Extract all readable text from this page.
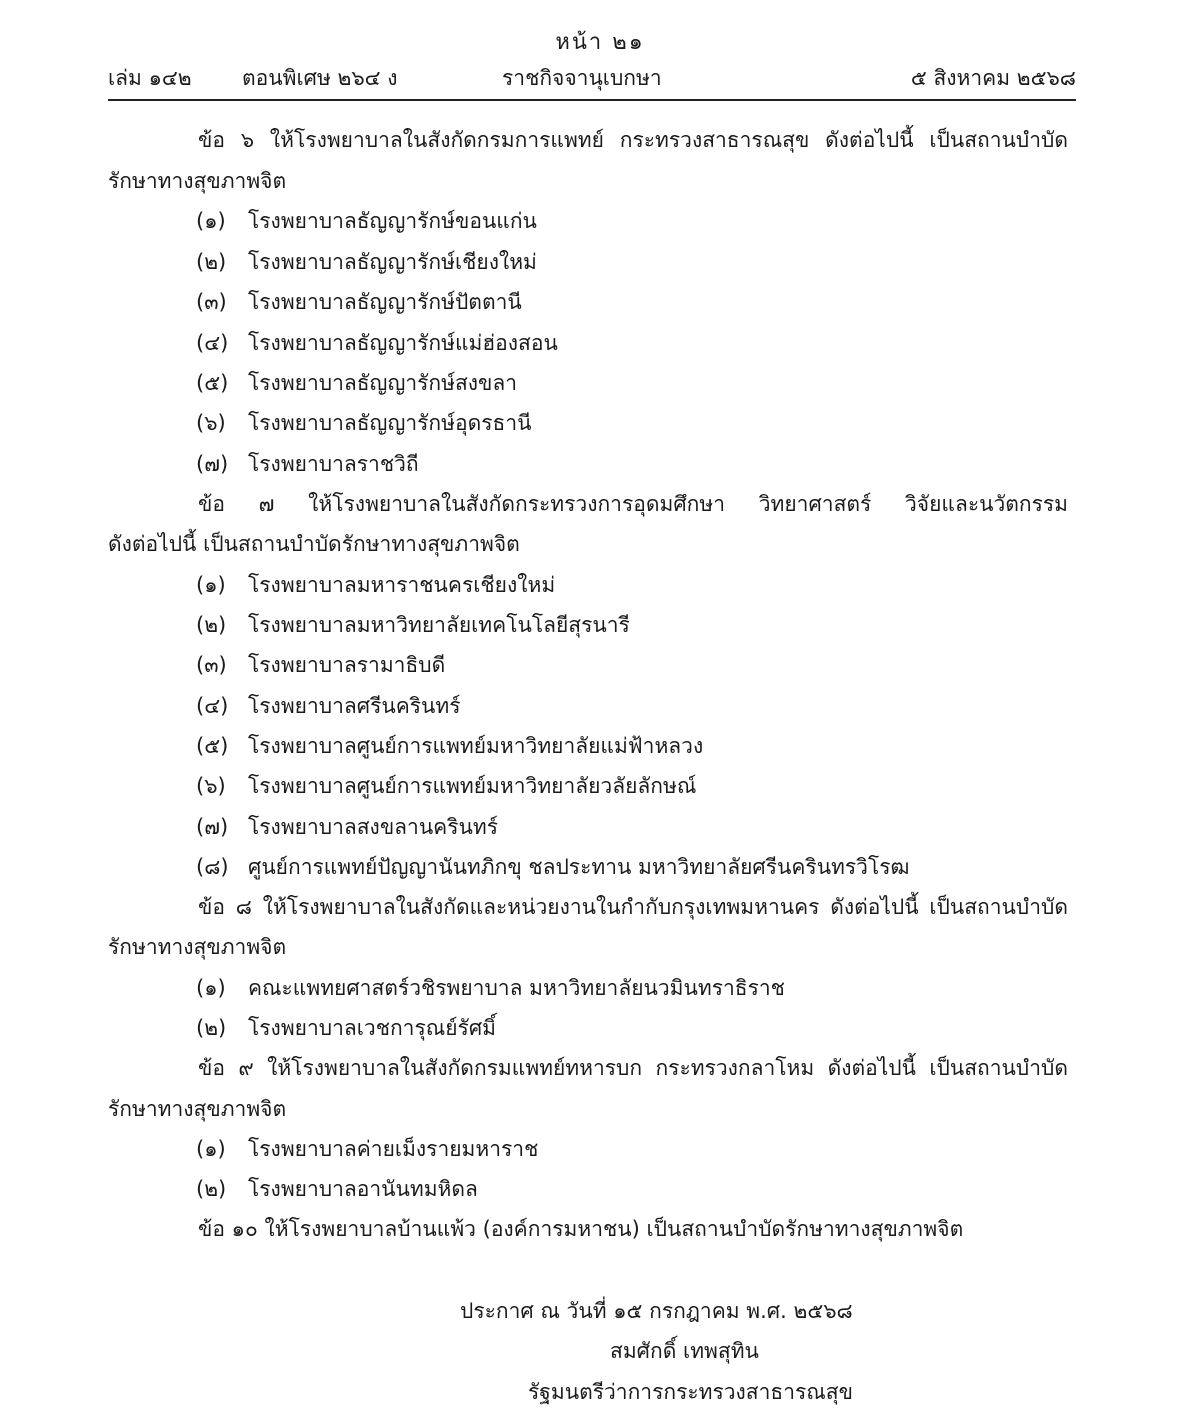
หน้า ๒๑
เล่ม ๑๔๒ ตอนพิเศษ ๒๖๔ ง	ราชกิจจานุเบกษา	๕ สิงหาคม ๒๕๖๘
ข้อ ๖ ให้โรงพยาบาลในสังกัดกรมการแพทย์ กระทรวงสาธารณสุข ดังต่อไปนี้ เป็นสถานบำบัด
รักษาทางสุขภาพจิต
(๑) โรงพยาบาลธัญญารักษ์ขอนแก่น
(๒) โรงพยาบาลธัญญารักษ์เชียงใหม่
(๓) โรงพยาบาลธัญญารักษ์ปัตตานี
(๔) โรงพยาบาลธัญญารักษ์แม่ฮ่องสอน
(๕) โรงพยาบาลธัญญารักษ์สงขลา
(๖) โรงพยาบาลธัญญารักษ์อุดรธานี
(๗) โรงพยาบาลราชวิถี
ข้อ ๗ ให้โรงพยาบาลในสังกัดกระทรวงการอุดมศึกษา วิทยาศาสตร์ วิจัยและนวัตกรรม
ดังต่อไปนี้ เป็นสถานบำบัดรักษาทางสุขภาพจิต
(๑) โรงพยาบาลมหาราชนครเชียงใหม่
(๒) โรงพยาบาลมหาวิทยาลัยเทคโนโลยีสุรนารี
(๓) โรงพยาบาลรามาธิบดี
(๔) โรงพยาบาลศรีนครินทร์
(๕) โรงพยาบาลศูนย์การแพทย์มหาวิทยาลัยแม่ฟ้าหลวง
(๖) โรงพยาบาลศูนย์การแพทย์มหาวิทยาลัยวลัยลักษณ์
(๗) โรงพยาบาลสงขลานครินทร์
(๘) ศูนย์การแพทย์ปัญญานันทภิกขุ ชลประทาน มหาวิทยาลัยศรีนครินทรวิโรฒ
ข้อ ๘ ให้โรงพยาบาลในสังกัดและหน่วยงานในกำกับกรุงเทพมหานคร ดังต่อไปนี้ เป็นสถานบำบัด
รักษาทางสุขภาพจิต
(๑) คณะแพทยศาสตร์วชิรพยาบาล มหาวิทยาลัยนวมินทราธิราช
(๒) โรงพยาบาลเวชการุณย์รัศมิ์
ข้อ ๙ ให้โรงพยาบาลในสังกัดกรมแพทย์ทหารบก กระทรวงกลาโหม ดังต่อไปนี้ เป็นสถานบำบัด
รักษาทางสุขภาพจิต
(๑) โรงพยาบาลค่ายเม็งรายมหาราช
(๒) โรงพยาบาลอานันทมหิดล
ข้อ ๑๐ ให้โรงพยาบาลบ้านแพ้ว (องค์การมหาชน) เป็นสถานบำบัดรักษาทางสุขภาพจิต
ประกาศ ณ วันที่ ๑๕ กรกฎาคม พ.ศ. ๒๕๖๘
สมศักดิ์ เทพสุทิน
รัฐมนตรีว่าการกระทรวงสาธารณสุข
